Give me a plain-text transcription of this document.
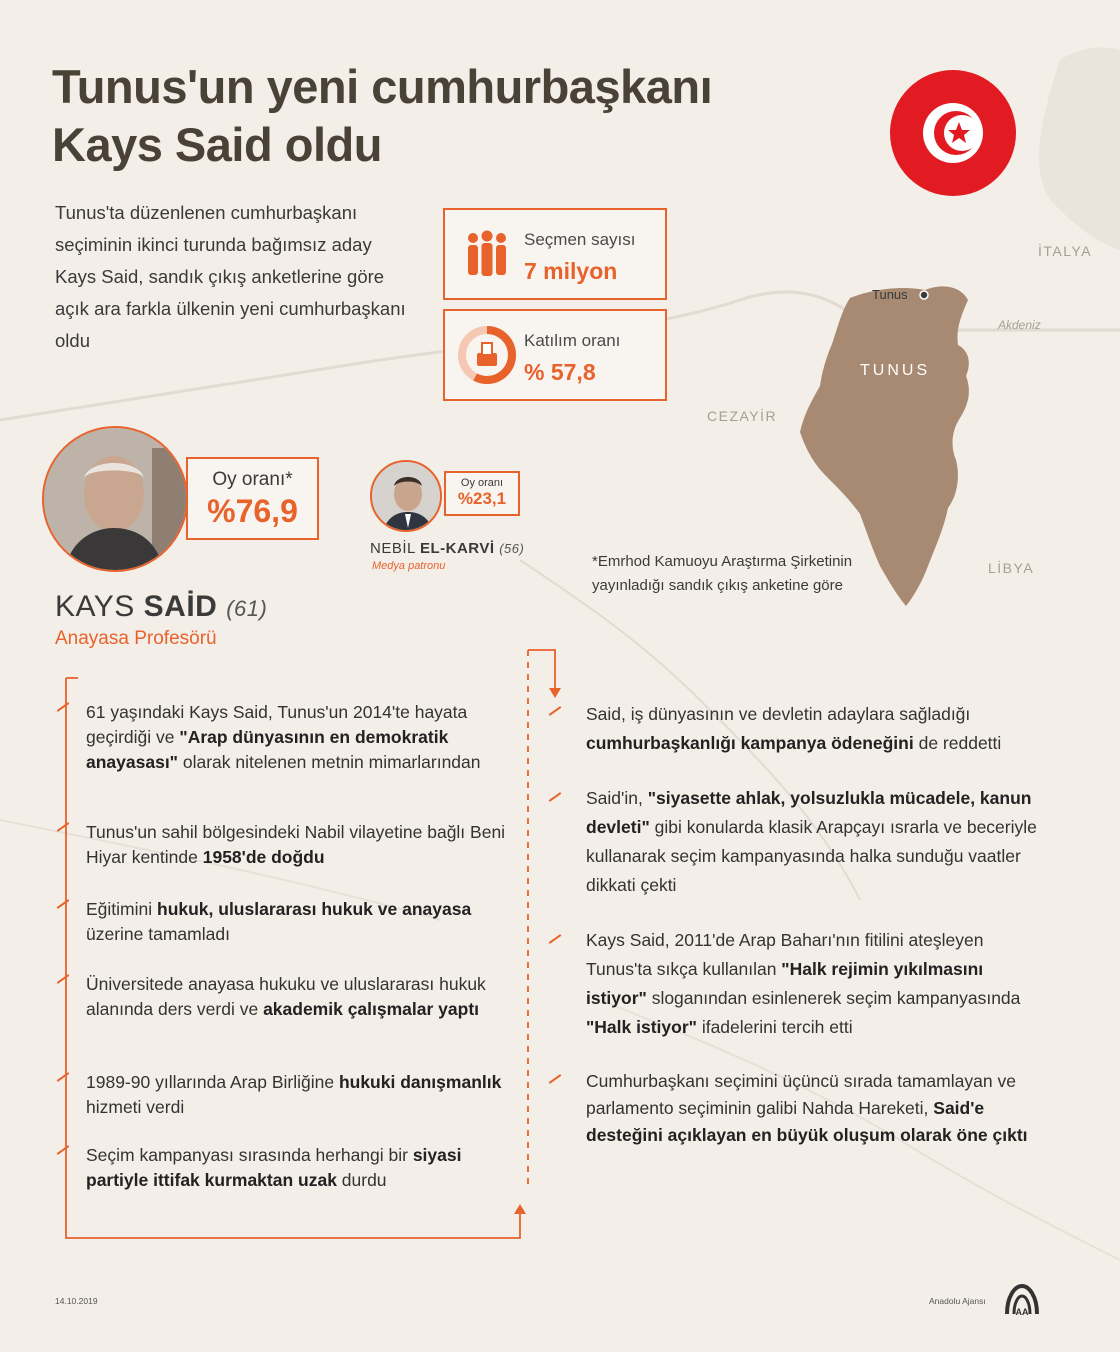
Tunus'un yeni cumhurbaşkanı
Kays Said oldu
Tunus'ta düzenlenen cumhurbaşkanı seçiminin ikinci turunda bağımsız aday Kays Said, sandık çıkış anketlerine göre açık ara farkla ülkenin yeni cumhurbaşkanı oldu
Seçmen sayısı
7 milyon
Katılım oranı
% 57,8
İTALYA
Tunus
Akdeniz
TUNUS
CEZAYİR
LİBYA
Oy oranı*
%76,9
KAYS SAİD (61)
Anayasa Profesörü
Oy oranı
%23,1
NEBİL EL-KARVİ (56)
Medya patronu	*Emrhod Kamuoyu Araştırma Şirketinin yayınladığı sandık çıkış anketine göre
61 yaşındaki Kays Said, Tunus'un 2014'te hayata geçirdiği ve "Arap dünyasının en demokratik anayasası" olarak nitelenen metnin mimarlarından
Tunus'un sahil bölgesindeki Nabil vilayetine bağlı Beni Hiyar kentinde 1958'de doğdu
Eğitimini hukuk, uluslararası hukuk ve anayasa üzerine tamamladı
Üniversitede anayasa hukuku ve uluslararası hukuk alanında ders verdi ve akademik çalışmalar yaptı
1989-90 yıllarında Arap Birliğine hukuki danışmanlık hizmeti verdi
Seçim kampanyası sırasında herhangi bir siyasi partiyle ittifak kurmaktan uzak durdu
Said, iş dünyasının ve devletin adaylara sağladığı cumhurbaşkanlığı kampanya ödeneğini de reddetti
Said'in, "siyasette ahlak, yolsuzlukla mücadele, kanun devleti" gibi konularda klasik Arapçayı ısrarla ve beceriyle kullanarak seçim kampanyasında halka sunduğu vaatler dikkati çekti
Kays Said, 2011'de Arap Baharı'nın fitilini ateşleyen Tunus'ta sıkça kullanılan "Halk rejimin yıkılmasını istiyor" sloganından esinlenerek seçim kampanyasında "Halk istiyor" ifadelerini tercih etti
Cumhurbaşkanı seçimini üçüncü sırada tamamlayan ve parlamento seçiminin galibi Nahda Hareketi, Said'e desteğini açıklayan en büyük oluşum olarak öne çıktı
14.10.2019	Anadolu Ajansı
AA
